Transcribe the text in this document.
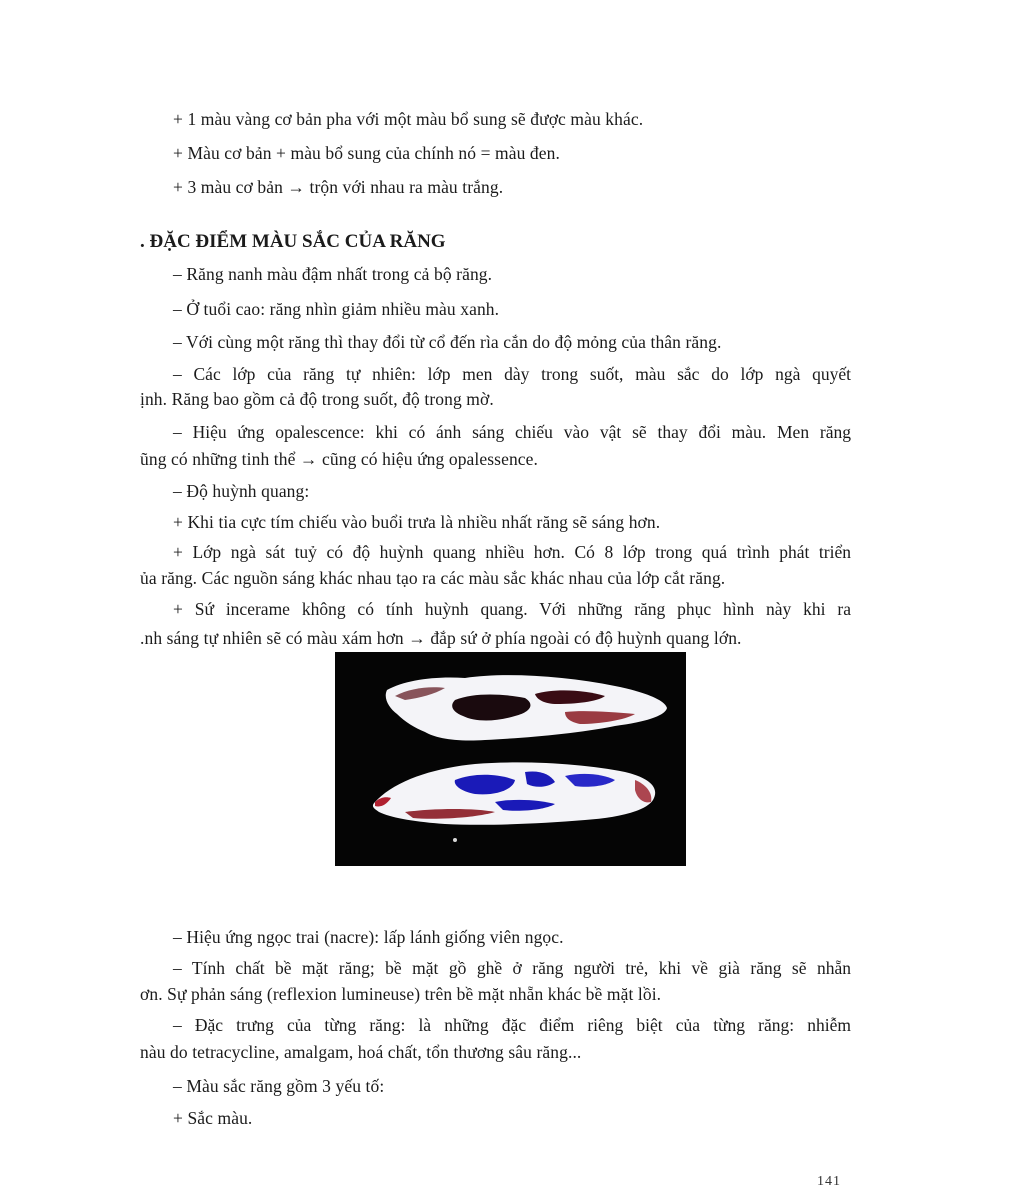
+ 1 màu vàng cơ bản pha với một màu bổ sung sẽ được màu khác.
+ Màu cơ bản + màu bổ sung của chính nó = màu đen.
+ 3 màu cơ bản → trộn với nhau ra màu trắng.
. ĐẶC ĐIỂM MÀU SẮC CỦA RĂNG
– Răng nanh màu đậm nhất trong cả bộ răng.
– Ở tuổi cao: răng nhìn giảm nhiều màu xanh.
– Với cùng một răng thì thay đổi từ cổ đến rìa cắn do độ mỏng của thân răng.
– Các lớp của răng tự nhiên: lớp men dày trong suốt, màu sắc do lớp ngà quyết
ịnh. Răng bao gồm cả độ trong suốt, độ trong mờ.
– Hiệu ứng opalescence: khi có ánh sáng chiếu vào vật sẽ thay đổi màu. Men răng
ũng có những tinh thể → cũng có hiệu ứng opalessence.
– Độ huỳnh quang:
+ Khi tia cực tím chiếu vào buổi trưa là nhiều nhất răng sẽ sáng hơn.
+ Lớp ngà sát tuỷ có độ huỳnh quang nhiều hơn. Có 8 lớp trong quá trình phát triển
ủa răng. Các nguồn sáng khác nhau tạo ra các màu sắc khác nhau của lớp cắt răng.
+ Sứ incerame không có tính huỳnh quang. Với những răng phục hình này khi ra
.nh sáng tự nhiên sẽ có màu xám hơn → đắp sứ ở phía ngoài có độ huỳnh quang lớn.
– Hiệu ứng ngọc trai (nacre): lấp lánh giống viên ngọc.
– Tính chất bề mặt răng; bề mặt gồ ghề ở răng người trẻ, khi về già răng sẽ nhẵn
ơn. Sự phản sáng (reflexion lumineuse) trên bề mặt nhẵn khác bề mặt lồi.
– Đặc trưng của từng răng: là những đặc điểm riêng biệt của từng răng: nhiễm
nàu do tetracycline, amalgam, hoá chất, tổn thương sâu răng...
– Màu sắc răng gồm 3 yếu tố:
+ Sắc màu.
141
